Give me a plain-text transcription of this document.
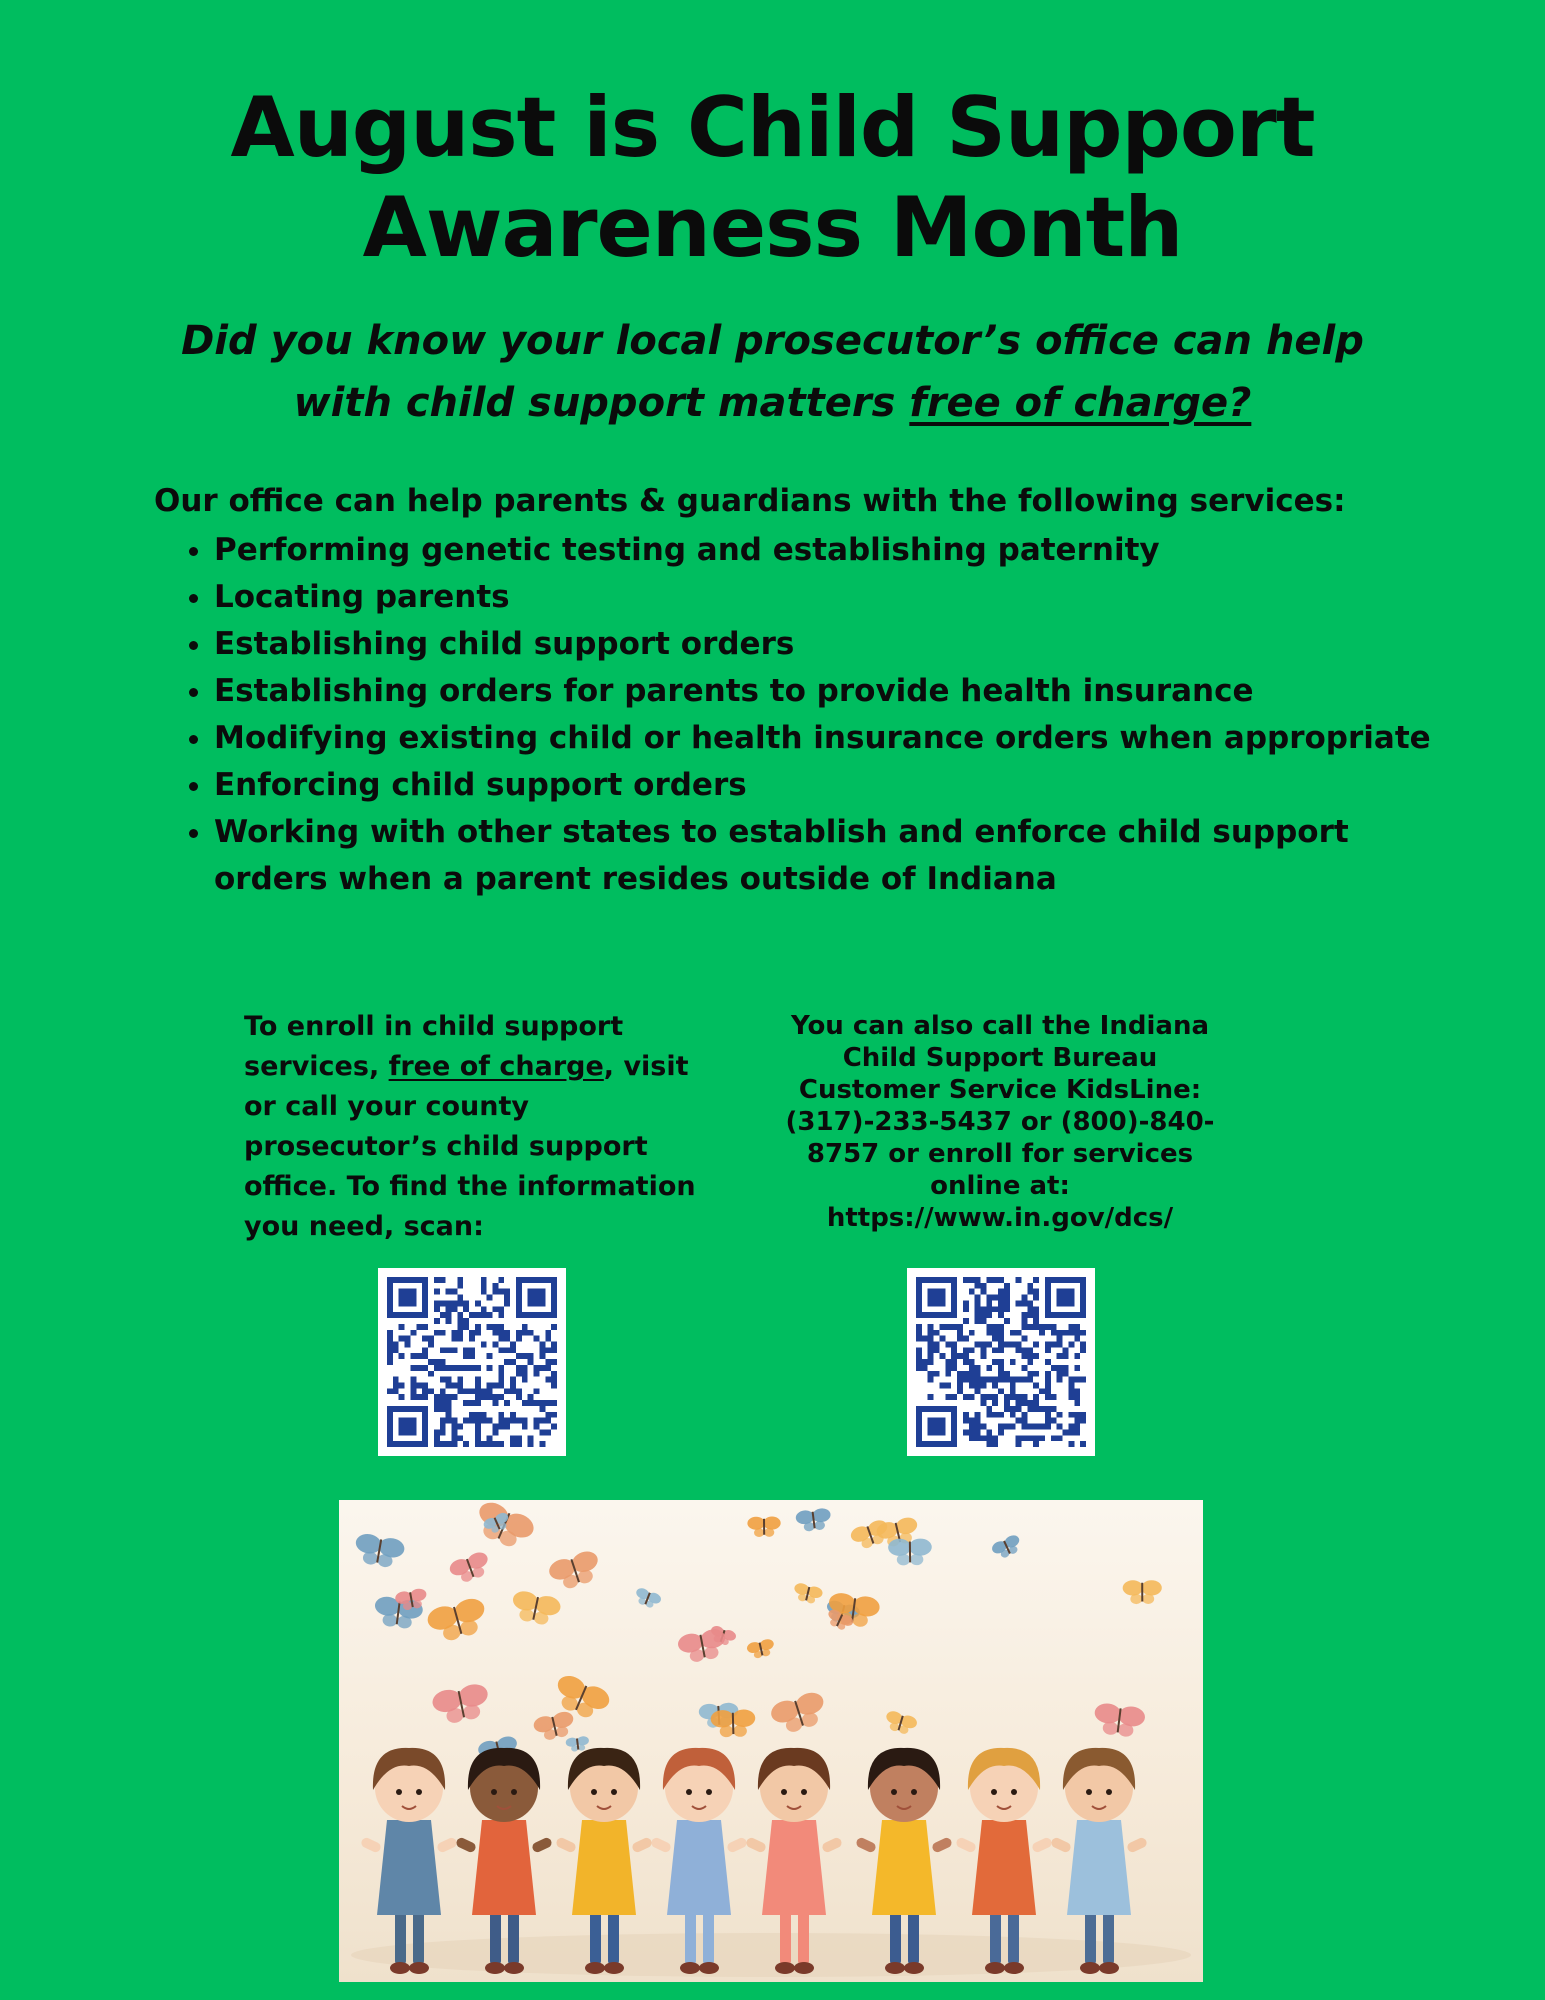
August is Child Support
Awareness Month

Did you know your local prosecutor’s office can help
with child support matters free of charge?

Our office can help parents & guardians with the following services:

• Performing genetic testing and establishing paternity
• Locating parents
• Establishing child support orders
• Establishing orders for parents to provide health insurance
• Modifying existing child or health insurance orders when appropriate
• Enforcing child support orders
• Working with other states to establish and enforce child support orders when a parent resides outside of Indiana

To enroll in child support services, free of charge, visit or call your county prosecutor’s child support office. To find the information you need, scan:

You can also call the Indiana
Child Support Bureau
Customer Service KidsLine:
(317)-233-5437 or (800)-840-
8757 or enroll for services
online at:
https://www.in.gov/dcs/
